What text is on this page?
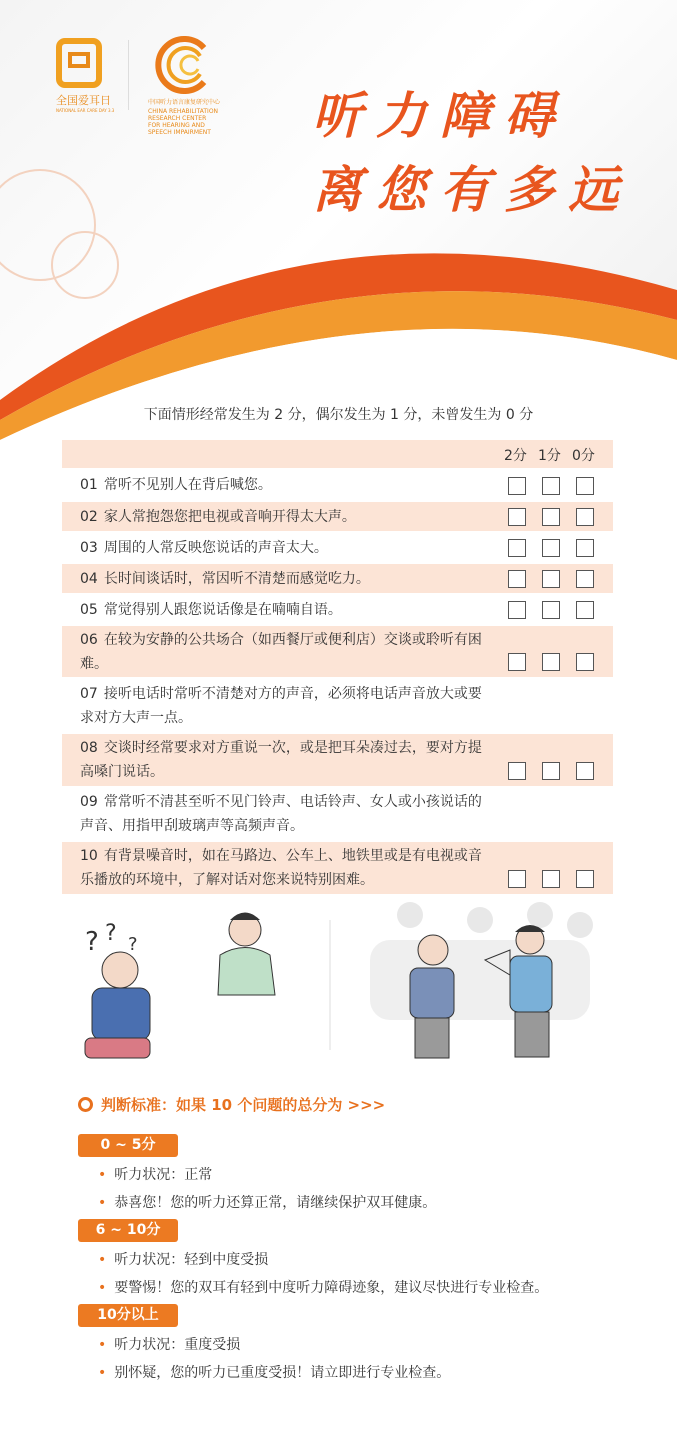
全国爱耳日
NATIONAL EAR CARE DAY 3.3
中国听力语言康复研究中心
CHINA REHABILITATION
RESEARCH CENTER
FOR HEARING AND
SPEECH IMPAIRMENT 听力障碍
离您有多远
下面情形经常发生为 2 分，偶尔发生为 1 分，未曾发生为 0 分
2分 1分 0分
01 常听不见别人在背后喊您。
02 家人常抱怨您把电视或音响开得太大声。
03 周围的人常反映您说话的声音太大。
04 长时间谈话时，常因听不清楚而感觉吃力。
05 常觉得别人跟您说话像是在喃喃自语。
06 在较为安静的公共场合（如西餐厅或便利店）交谈或聆听有困难。
07 接听电话时常听不清楚对方的声音，必须将电话声音放大或要求对方大声一点。
08 交谈时经常要求对方重说一次，或是把耳朵凑过去，要对方提高嗓门说话。
09 常常听不清甚至听不见门铃声、电话铃声、女人或小孩说话的声音、用指甲刮玻璃声等高频声音。
10 有背景噪音时，如在马路边、公车上、地铁里或是有电视或音乐播放的环境中，了解对话对您来说特别困难。
? ? ?
判断标准：如果 10 个问题的总分为 >>>
0 ~ 5分
• 听力状况：正常
• 恭喜您！您的听力还算正常，请继续保护双耳健康。
6 ~ 10分
• 听力状况：轻到中度受损
• 要警惕！您的双耳有轻到中度听力障碍迹象，建议尽快进行专业检查。
10分以上
• 听力状况：重度受损
• 别怀疑，您的听力已重度受损！请立即进行专业检查。
